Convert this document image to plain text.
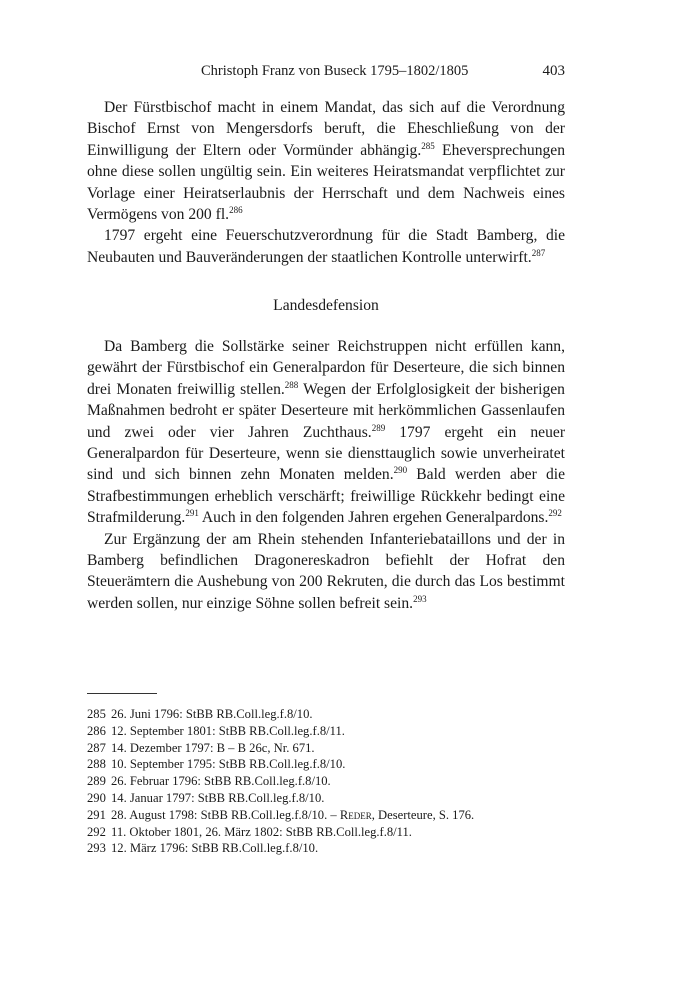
Christoph Franz von Buseck 1795–1802/1805	403

Der Fürstbischof macht in einem Mandat, das sich auf die Verordnung Bischof Ernst von Mengersdorfs beruft, die Eheschließung von der Einwilligung der Eltern oder Vormünder abhängig.$^{285}$ Eheversprechungen ohne diese sollen ungültig sein. Ein weiteres Heiratsmandat verpflichtet zur Vorlage einer Heiratserlaubnis der Herrschaft und dem Nachweis eines Vermögens von 200 fl.$^{286}$

1797 ergeht eine Feuerschutzverordnung für die Stadt Bamberg, die Neubauten und Bauveränderungen der staatlichen Kontrolle unterwirft.$^{287}$

Landesdefension

Da Bamberg die Sollstärke seiner Reichstruppen nicht erfüllen kann, gewährt der Fürstbischof ein Generalpardon für Deserteure, die sich binnen drei Monaten freiwillig stellen.$^{288}$ Wegen der Erfolglosigkeit der bisherigen Maßnahmen bedroht er später Deserteure mit herkömmlichen Gassenlaufen und zwei oder vier Jahren Zuchthaus.$^{289}$ 1797 ergeht ein neuer Generalpardon für Deserteure, wenn sie diensttauglich sowie unverheiratet sind und sich binnen zehn Monaten melden.$^{290}$ Bald werden aber die Strafbestimmungen erheblich verschärft; freiwillige Rückkehr bedingt eine Strafmilderung.$^{291}$ Auch in den folgenden Jahren ergehen Generalpardons.$^{292}$

Zur Ergänzung der am Rhein stehenden Infanteriebataillons und der in Bamberg befindlichen Dragonereskadron befiehlt der Hofrat den Steuerämtern die Aushebung von 200 Rekruten, die durch das Los bestimmt werden sollen, nur einzige Söhne sollen befreit sein.$^{293}$

285 26. Juni 1796: StBB RB.Coll.leg.f.8/10.
286 12. September 1801: StBB RB.Coll.leg.f.8/11.
287 14. Dezember 1797: B – B 26c, Nr. 671.
288 10. September 1795: StBB RB.Coll.leg.f.8/10.
289 26. Februar 1796: StBB RB.Coll.leg.f.8/10.
290 14. Januar 1797: StBB RB.Coll.leg.f.8/10.
291 28. August 1798: StBB RB.Coll.leg.f.8/10. – Reder, Deserteure, S. 176.
292 11. Oktober 1801, 26. März 1802: StBB RB.Coll.leg.f.8/11.
293 12. März 1796: StBB RB.Coll.leg.f.8/10.
